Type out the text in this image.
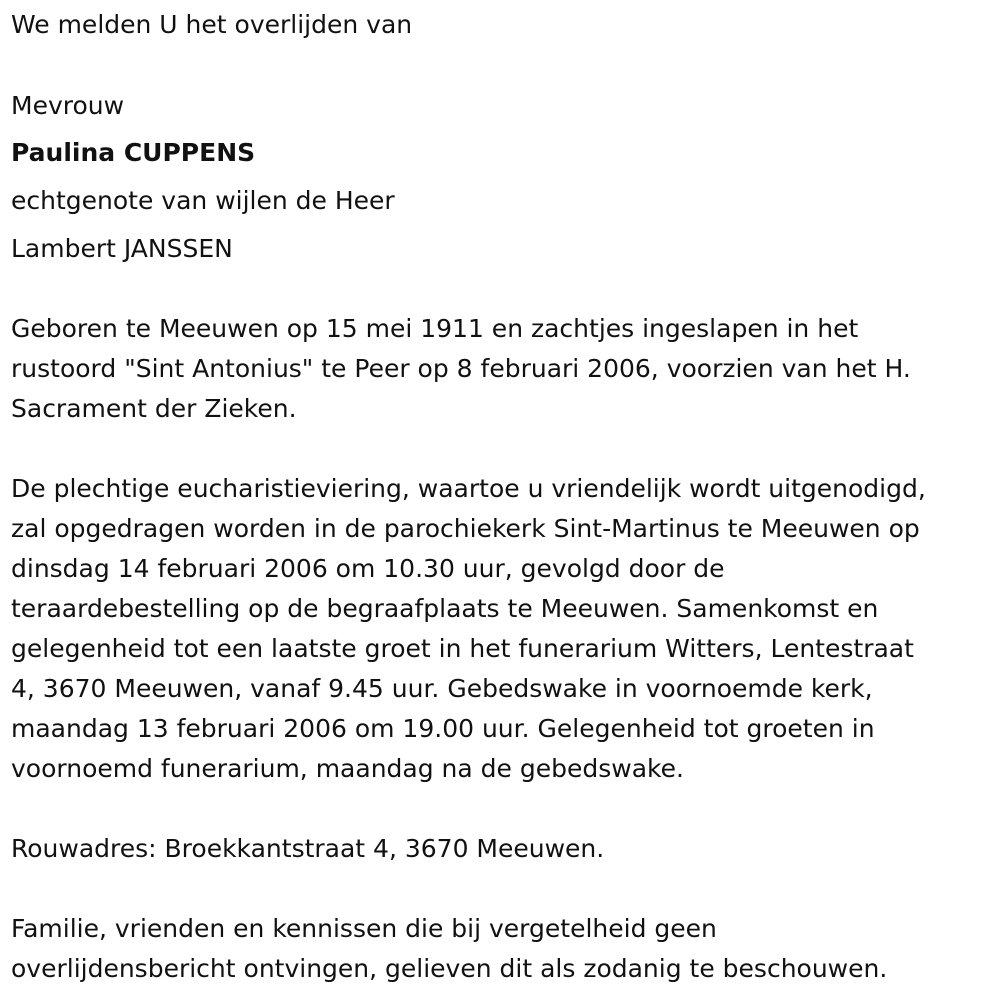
We melden U het overlijden van
Mevrouw
Paulina CUPPENS
echtgenote van wijlen de Heer
Lambert JANSSEN
Geboren te Meeuwen op 15 mei 1911 en zachtjes ingeslapen in het
rustoord "Sint Antonius" te Peer op 8 februari 2006, voorzien van het H.
Sacrament der Zieken.
De plechtige eucharistieviering, waartoe u vriendelijk wordt uitgenodigd,
zal opgedragen worden in de parochiekerk Sint-Martinus te Meeuwen op
dinsdag 14 februari 2006 om 10.30 uur, gevolgd door de
teraardebestelling op de begraafplaats te Meeuwen. Samenkomst en
gelegenheid tot een laatste groet in het funerarium Witters, Lentestraat
4, 3670 Meeuwen, vanaf 9.45 uur. Gebedswake in voornoemde kerk,
maandag 13 februari 2006 om 19.00 uur. Gelegenheid tot groeten in
voornoemd funerarium, maandag na de gebedswake.
Rouwadres: Broekkantstraat 4, 3670 Meeuwen.
Familie, vrienden en kennissen die bij vergetelheid geen
overlijdensbericht ontvingen, gelieven dit als zodanig te beschouwen.
